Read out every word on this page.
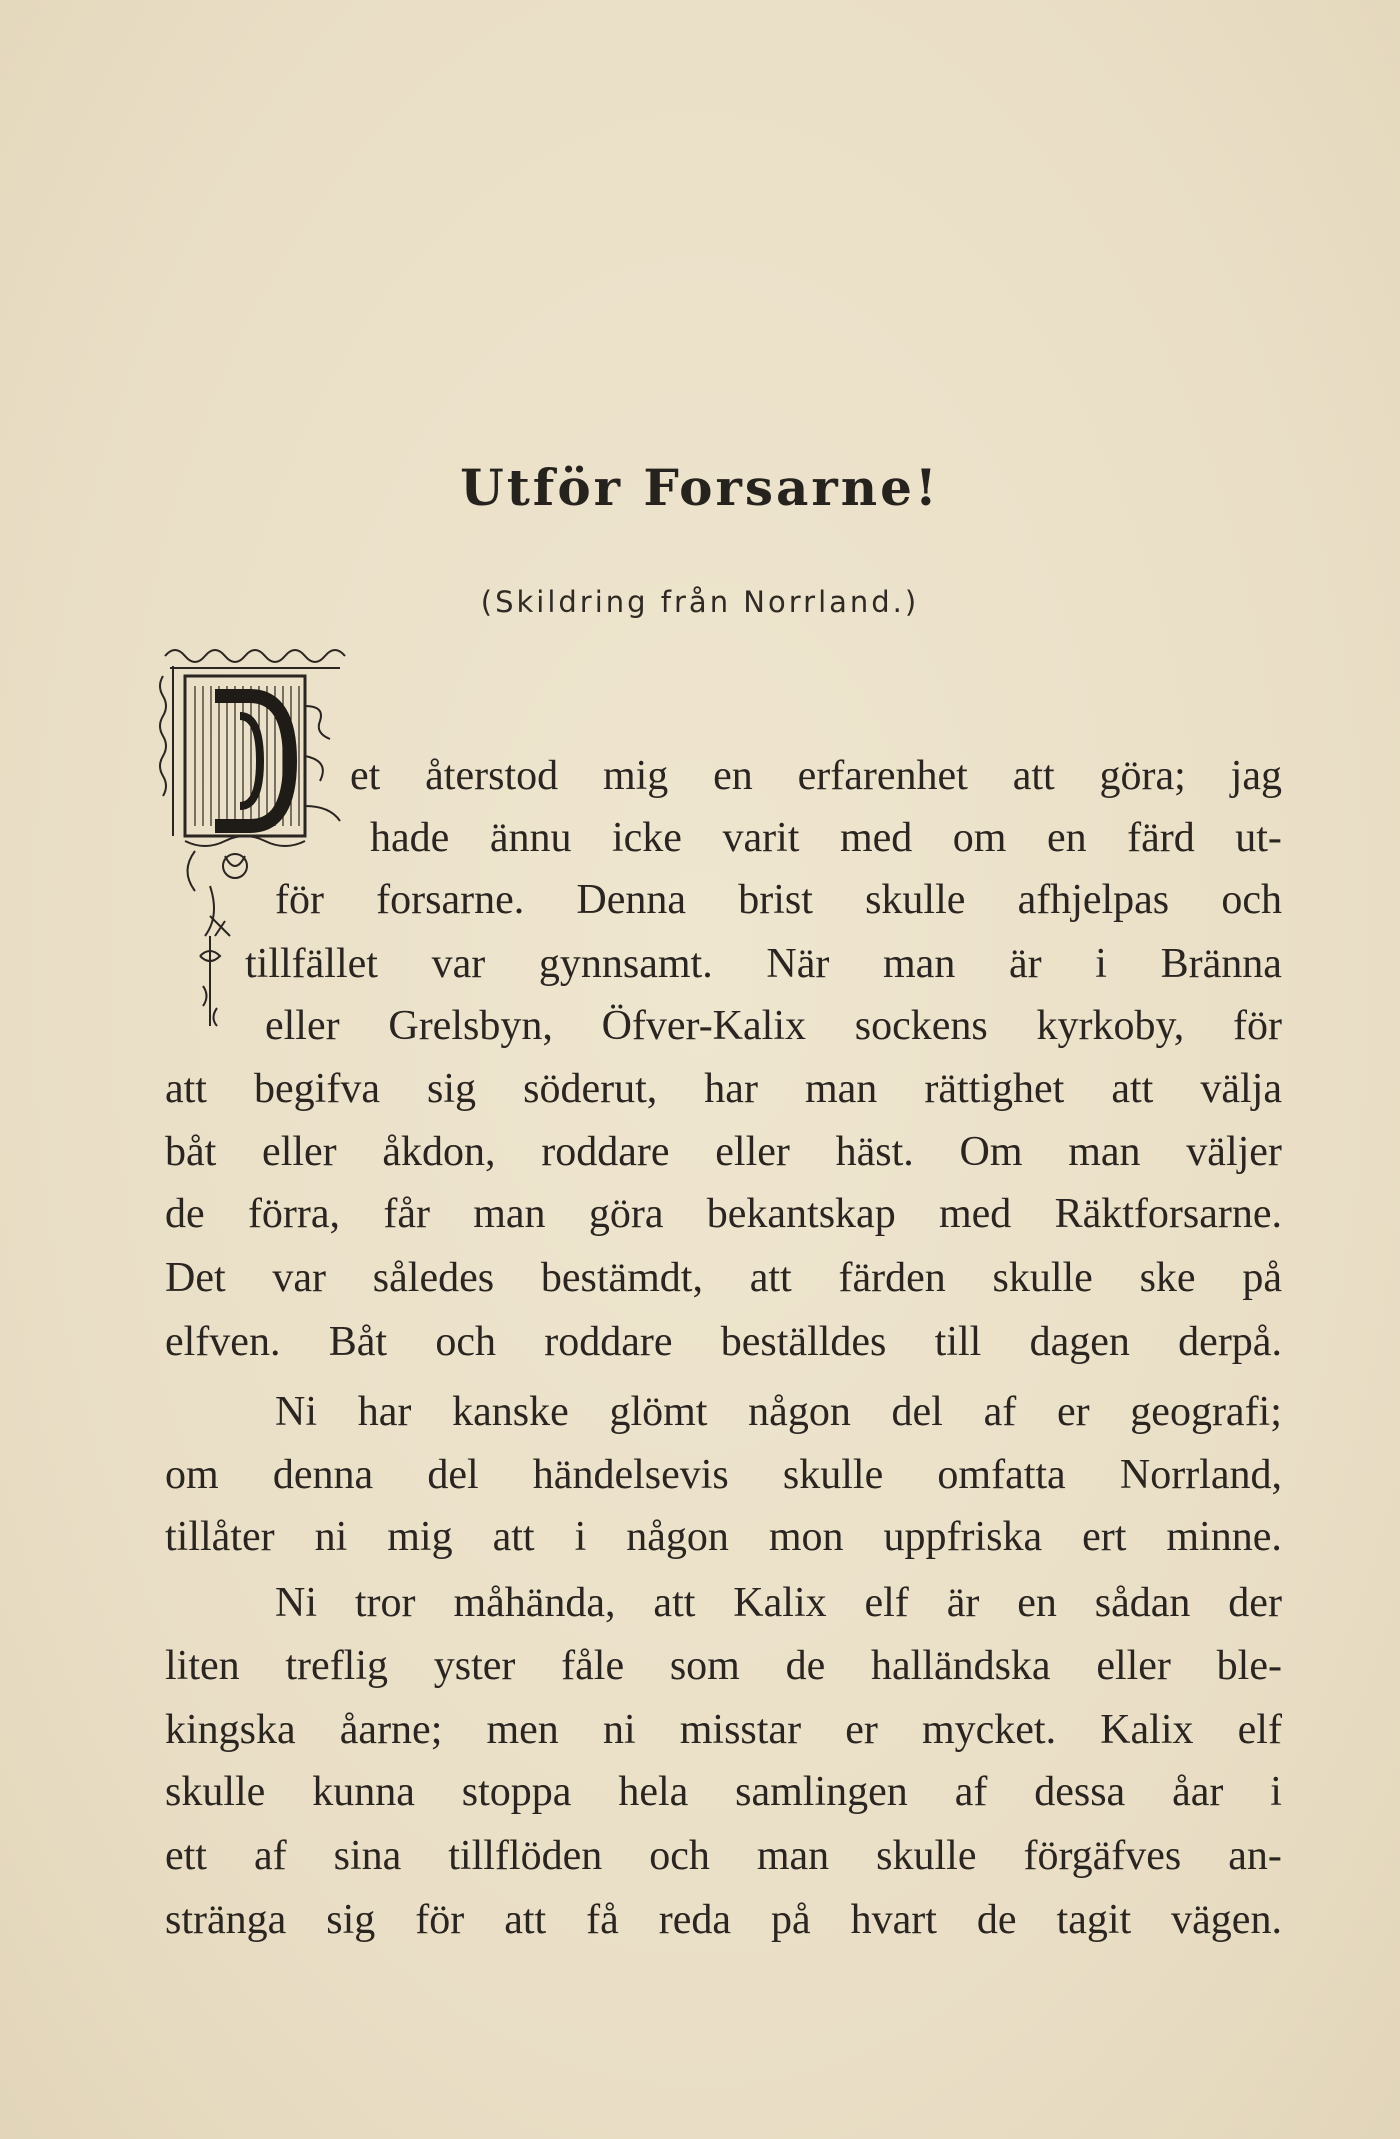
Utför Forsarne!
(Skildring från Norrland.)
et återstod mig en erfarenhet att göra; jag
hade ännu icke varit med om en färd ut-
för forsarne. Denna brist skulle afhjelpas och
tillfället var gynnsamt. När man är i Bränna
eller Grelsbyn, Öfver-Kalix sockens kyrkoby, för
att begifva sig söderut, har man rättighet att välja
båt eller åkdon, roddare eller häst. Om man väljer
de förra, får man göra bekantskap med Räktforsarne.
Det var således bestämdt, att färden skulle ske på
elfven. Båt och roddare beställdes till dagen derpå.
Ni har kanske glömt någon del af er geografi;
om denna del händelsevis skulle omfatta Norrland,
tillåter ni mig att i någon mon uppfriska ert minne.
Ni tror måhända, att Kalix elf är en sådan der
liten treflig yster fåle som de halländska eller ble-
kingska åarne; men ni misstar er mycket. Kalix elf
skulle kunna stoppa hela samlingen af dessa åar i
ett af sina tillflöden och man skulle förgäfves an-
stränga sig för att få reda på hvart de tagit vägen.
